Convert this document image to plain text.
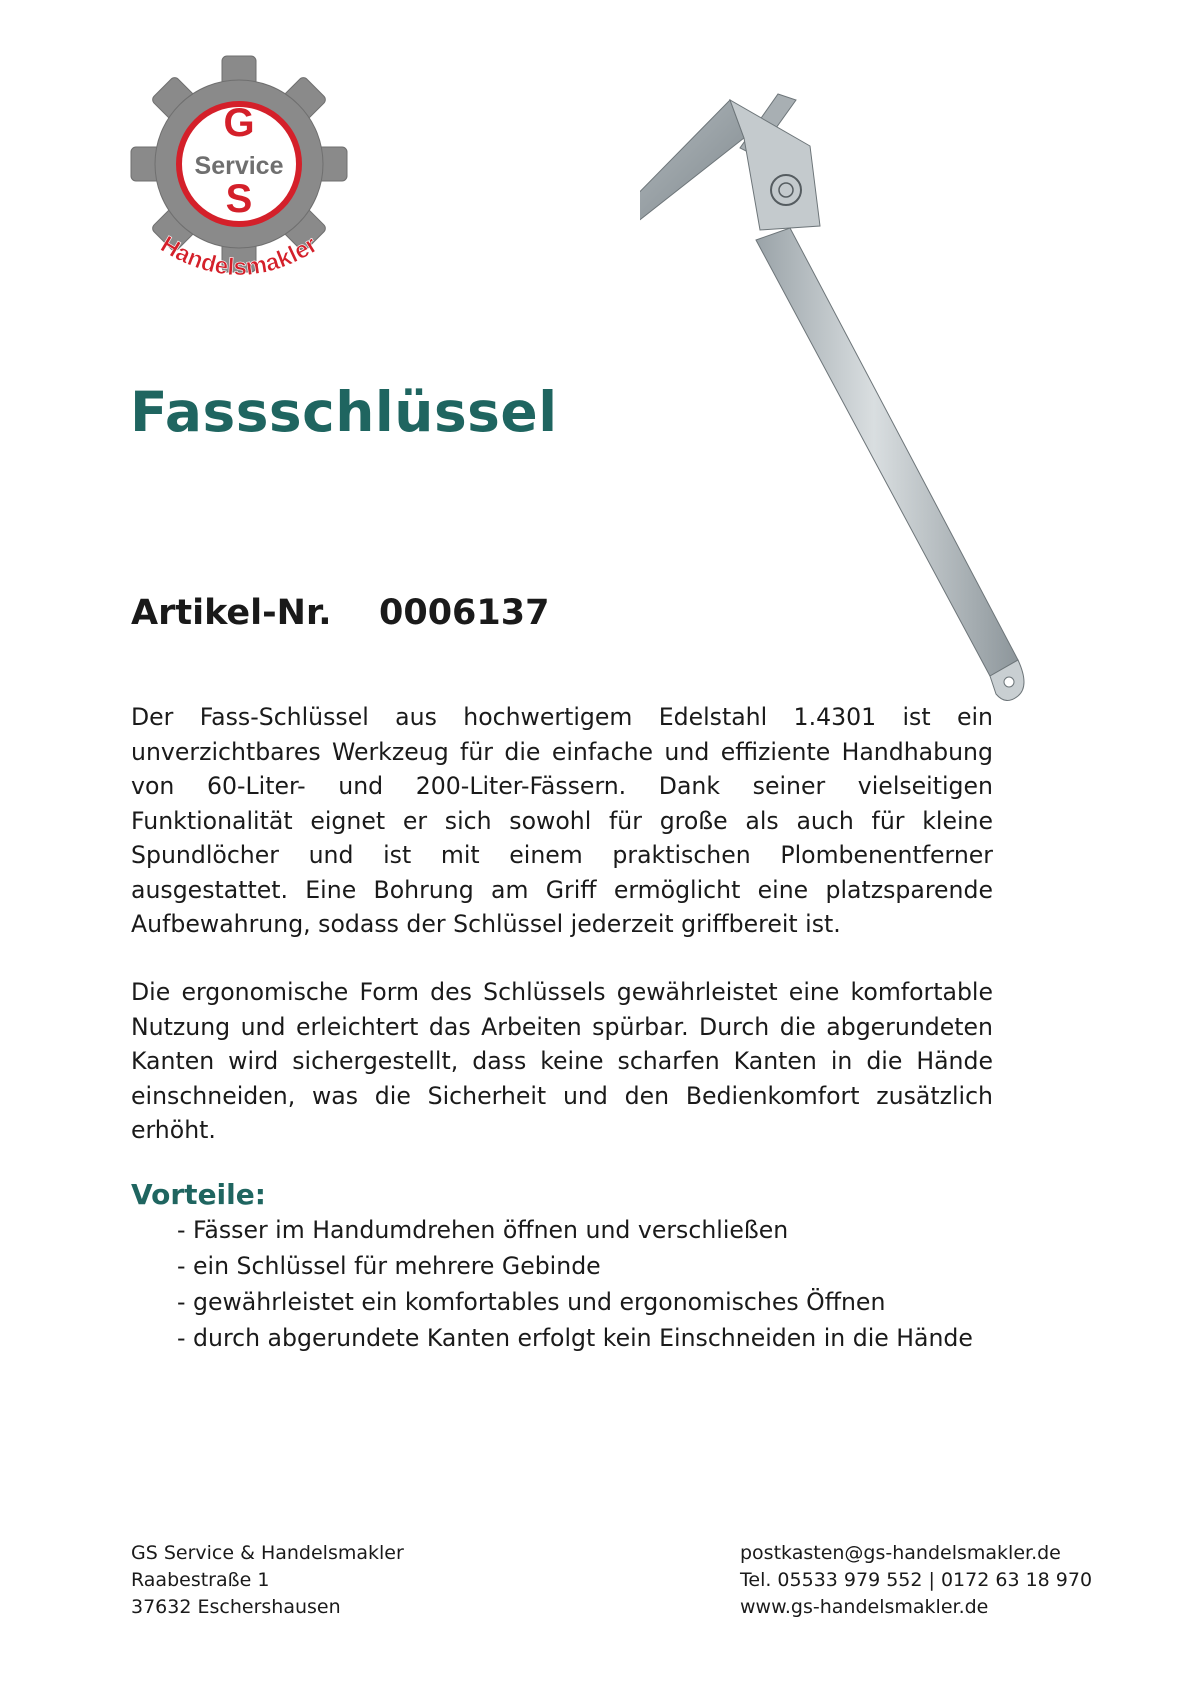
G
Service
S
Handelsmakler
Fassschlüssel
Artikel-Nr. 0006137

Der Fass-Schlüssel aus hochwertigem Edelstahl 1.4301 ist ein unverzichtbares Werkzeug für die einfache und effiziente Handhabung von 60-Liter- und 200-Liter-Fässern. Dank seiner vielseitigen Funktionalität eignet er sich sowohl für große als auch für kleine Spundlöcher und ist mit einem praktischen Plombenentferner ausgestattet. Eine Bohrung am Griff ermöglicht eine platzsparende Aufbewahrung, sodass der Schlüssel jederzeit griffbereit ist.

Die ergonomische Form des Schlüssels gewährleistet eine komfortable Nutzung und erleichtert das Arbeiten spürbar. Durch die abgerundeten Kanten wird sichergestellt, dass keine scharfen Kanten in die Hände einschneiden, was die Sicherheit und den Bedienkomfort zusätzlich erhöht.

Vorteile:
- Fässer im Handumdrehen öffnen und verschließen
- ein Schlüssel für mehrere Gebinde
- gewährleistet ein komfortables und ergonomisches Öffnen
- durch abgerundete Kanten erfolgt kein Einschneiden in die Hände
GS Service & Handelsmakler
Raabestraße 1
37632 Eschershausen
postkasten@gs-handelsmakler.de
Tel. 05533 979 552 | 0172 63 18 970
www.gs-handelsmakler.de
